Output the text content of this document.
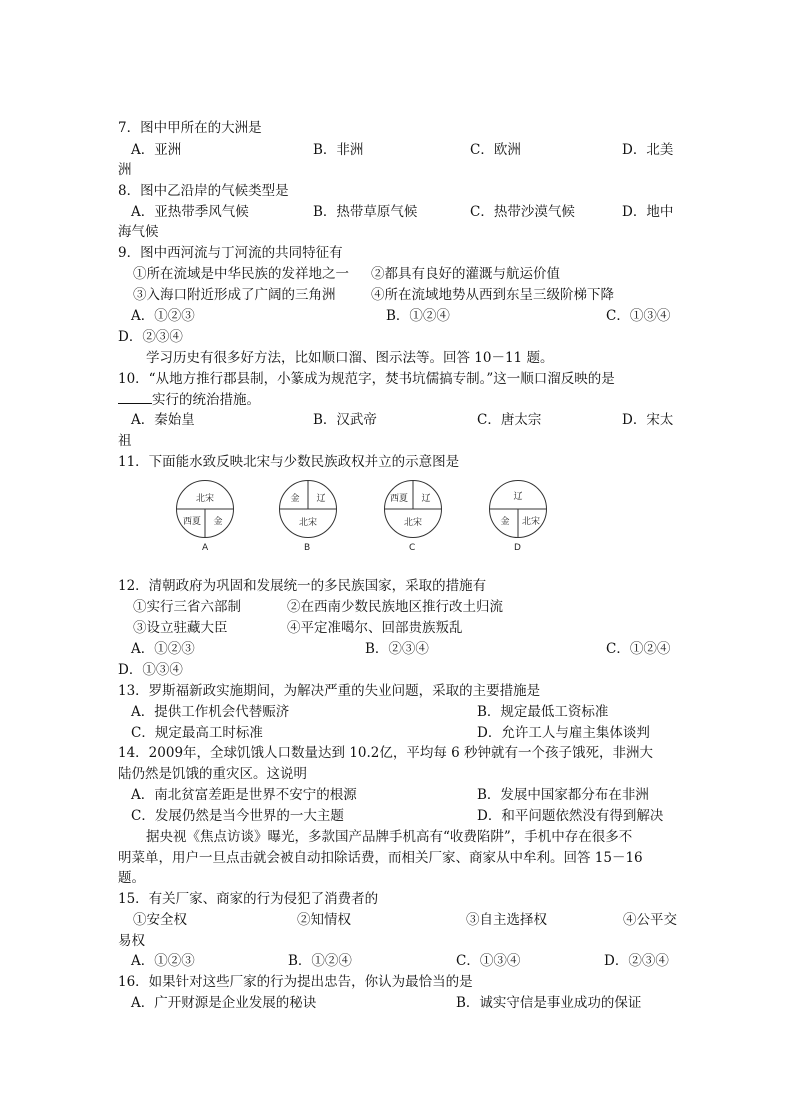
7．图中甲所在的大洲是
A．亚洲	B．非洲	C．欧洲	D．北美
洲
8．图中乙沿岸的气候类型是
A．亚热带季风气候	B．热带草原气候	C．热带沙漠气候	D．地中
海气候
9．图中西河流与丁河流的共同特征有
①所在流域是中华民族的发祥地之一 ②都具有良好的灌溉与航运价值
③入海口附近形成了广阔的三角洲	④所在流域地势从西到东呈三级阶梯下降
A．①②③	B．①②④	C．①③④
D．②③④
学习历史有很多好方法，比如顺口溜、图示法等。回答 10－11 题。
10．“从地方推行郡县制，小篆成为规范字，焚书坑儒搞专制。”这一顺口溜反映的是
实行的统治措施。
A．秦始皇	B．汉武帝	C．唐太宗	D．宋太
祖
11．下面能水致反映北宋与少数民族政权并立的示意图是
北宋
西夏 金
A
金 辽
北宋
B
西夏 辽
北宋
C
辽
金 北宋
D
12．清朝政府为巩固和发展统一的多民族国家，采取的措施有
①实行三省六部制	②在西南少数民族地区推行改土归流
③设立驻藏大臣	④平定准噶尔、回部贵族叛乱
A．①②③	B．②③④	C．①②④
D．①③④
13．罗斯福新政实施期间，为解决严重的失业问题，采取的主要措施是
A．提供工作机会代替赈济	B．规定最低工资标准
C．规定最高工时标准	D．允许工人与雇主集体谈判
14．2009年，全球饥饿人口数量达到 10.2亿，平均每 6 秒钟就有一个孩子饿死，非洲大
陆仍然是饥饿的重灾区。这说明
A．南北贫富差距是世界不安宁的根源	B．发展中国家都分布在非洲
C．发展仍然是当今世界的一大主题	D．和平问题依然没有得到解决
据央视《焦点访谈》曝光，多款国产品牌手机高有“收费陷阱”，手机中存在很多不
明菜单，用户一旦点击就会被自动扣除话费，而相关厂家、商家从中牟利。回答 15－16
题。
15．有关厂家、商家的行为侵犯了消费者的
①安全权	②知情权	③自主选择权	④公平交
易权
A．①②③	B．①②④	C．①③④	D．②③④
16．如果针对这些厂家的行为提出忠告，你认为最恰当的是
A．广开财源是企业发展的秘诀	B．诚实守信是事业成功的保证
